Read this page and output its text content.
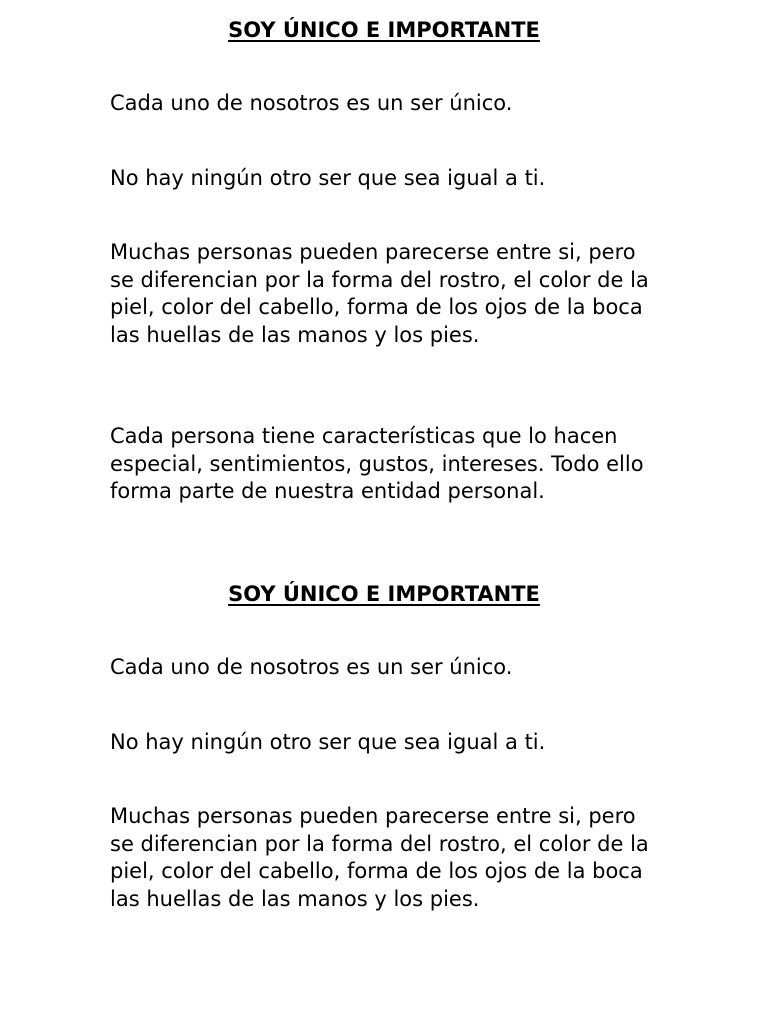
SOY ÚNICO E IMPORTANTE

Cada uno de nosotros es un ser único.

No hay ningún otro ser que sea igual a ti.

Muchas personas pueden parecerse entre si, pero se diferencian por la forma del rostro, el color de la piel, color del cabello, forma de los ojos de la boca las huellas de las manos y los pies.

Cada persona tiene características que lo hacen especial, sentimientos, gustos, intereses. Todo ello forma parte de nuestra entidad personal.

SOY ÚNICO E IMPORTANTE

Cada uno de nosotros es un ser único.

No hay ningún otro ser que sea igual a ti.

Muchas personas pueden parecerse entre si, pero se diferencian por la forma del rostro, el color de la piel, color del cabello, forma de los ojos de la boca las huellas de las manos y los pies.
